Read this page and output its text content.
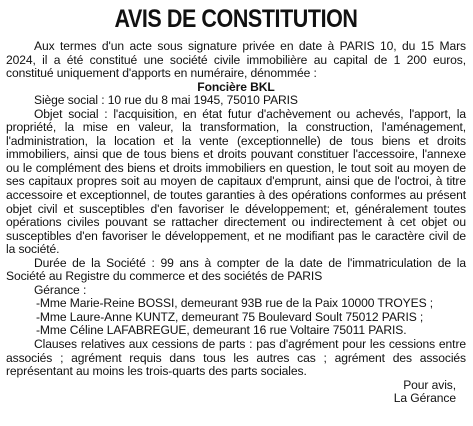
AVIS DE CONSTITUTION

Aux termes d'un acte sous signature privée en date à PARIS 10, du 15 Mars 2024, il a été constitué une société civile immobilière au capital de 1 200 euros, constitué uniquement d'apports en numéraire, dénommée :

Foncière BKL

Siège social : 10 rue du 8 mai 1945, 75010 PARIS

Objet social : l'acquisition, en état futur d'achèvement ou achevés, l'apport, la propriété, la mise en valeur, la transformation, la construction, l'aménagement, l'administration, la location et la vente (exceptionnelle) de tous biens et droits immobiliers, ainsi que de tous biens et droits pouvant constituer l'accessoire, l'annexe ou le complément des biens et droits immobiliers en question, le tout soit au moyen de ses capitaux propres soit au moyen de capitaux d'emprunt, ainsi que de l'octroi, à titre accessoire et exceptionnel, de toutes garanties à des opérations conformes au présent objet civil et susceptibles d'en favoriser le développement; et, généralement toutes opérations civiles pouvant se rattacher directement ou indirectement à cet objet ou susceptibles d'en favoriser le développement, et ne modifiant pas le caractère civil de la société.

Durée de la Société : 99 ans à compter de la date de l'immatriculation de la Société au Registre du commerce et des sociétés de PARIS

Gérance :

-Mme Marie-Reine BOSSI, demeurant 93B rue de la Paix 10000 TROYES ;

-Mme Laure-Anne KUNTZ, demeurant 75 Boulevard Soult 75012 PARIS ;

-Mme Céline LAFABREGUE, demeurant 16 rue Voltaire 75011 PARIS.

Clauses relatives aux cessions de parts : pas d'agrément pour les cessions entre associés ; agrément requis dans tous les autres cas ; agrément des associés représentant au moins les trois-quarts des parts sociales.

Pour avis,

La Gérance
